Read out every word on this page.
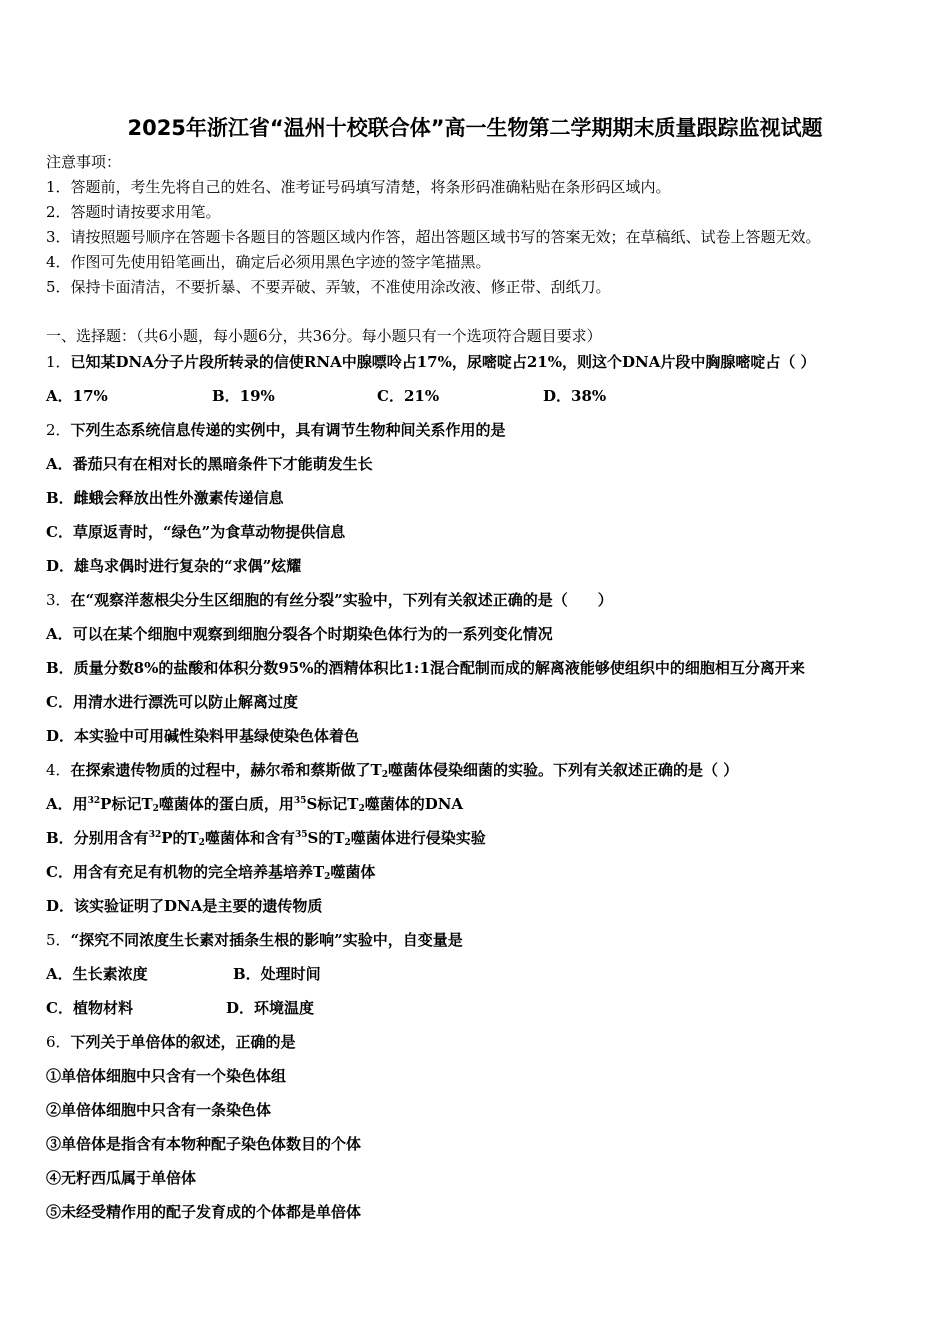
2025年浙江省“温州十校联合体”高一生物第二学期期末质量跟踪监视试题
注意事项：
1．答题前，考生先将自己的姓名、准考证号码填写清楚，将条形码准确粘贴在条形码区域内。
2．答题时请按要求用笔。
3．请按照题号顺序在答题卡各题目的答题区域内作答，超出答题区域书写的答案无效；在草稿纸、试卷上答题无效。
4．作图可先使用铅笔画出，确定后必须用黑色字迹的签字笔描黑。
5．保持卡面清洁，不要折暴、不要弄破、弄皱，不准使用涂改液、修正带、刮纸刀。
一、选择题：（共6小题，每小题6分，共36分。每小题只有一个选项符合题目要求）
1．已知某DNA分子片段所转录的信使RNA中腺嘌呤占17%，尿嘧啶占21%，则这个DNA片段中胸腺嘧啶占（ ）
A．17%	B．19%	C．21%	D．38%
2．下列生态系统信息传递的实例中，具有调节生物种间关系作用的是
A．番茄只有在相对长的黑暗条件下才能萌发生长
B．雌蛾会释放出性外激素传递信息
C．草原返青时，“绿色”为食草动物提供信息
D．雄鸟求偶时进行复杂的“求偶”炫耀
3．在“观察洋葱根尖分生区细胞的有丝分裂”实验中，下列有关叙述正确的是（　　）
A．可以在某个细胞中观察到细胞分裂各个时期染色体行为的一系列变化情况
B．质量分数8%的盐酸和体积分数95%的酒精体积比1:1混合配制而成的解离液能够使组织中的细胞相互分离开来
C．用清水进行漂洗可以防止解离过度
D．本实验中可用碱性染料甲基绿使染色体着色
4．在探索遗传物质的过程中，赫尔希和蔡斯做了$T_2$噬菌体侵染细菌的实验。下列有关叙述正确的是（ ）
A．用$^{32}$P标记$T_2$噬菌体的蛋白质，用$^{35}$S标记$T_2$噬菌体的DNA
B．分别用含有$^{32}$P的$T_2$噬菌体和含有$^{35}$S的$T_2$噬菌体进行侵染实验
C．用含有充足有机物的完全培养基培养$T_2$噬菌体
D．该实验证明了DNA是主要的遗传物质
5．“探究不同浓度生长素对插条生根的影响”实验中，自变量是
A．生长素浓度	B．处理时间
C．植物材料	D．环境温度
6．下列关于单倍体的叙述，正确的是
①单倍体细胞中只含有一个染色体组
②单倍体细胞中只含有一条染色体
③单倍体是指含有本物种配子染色体数目的个体
④无籽西瓜属于单倍体
⑤未经受精作用的配子发育成的个体都是单倍体
